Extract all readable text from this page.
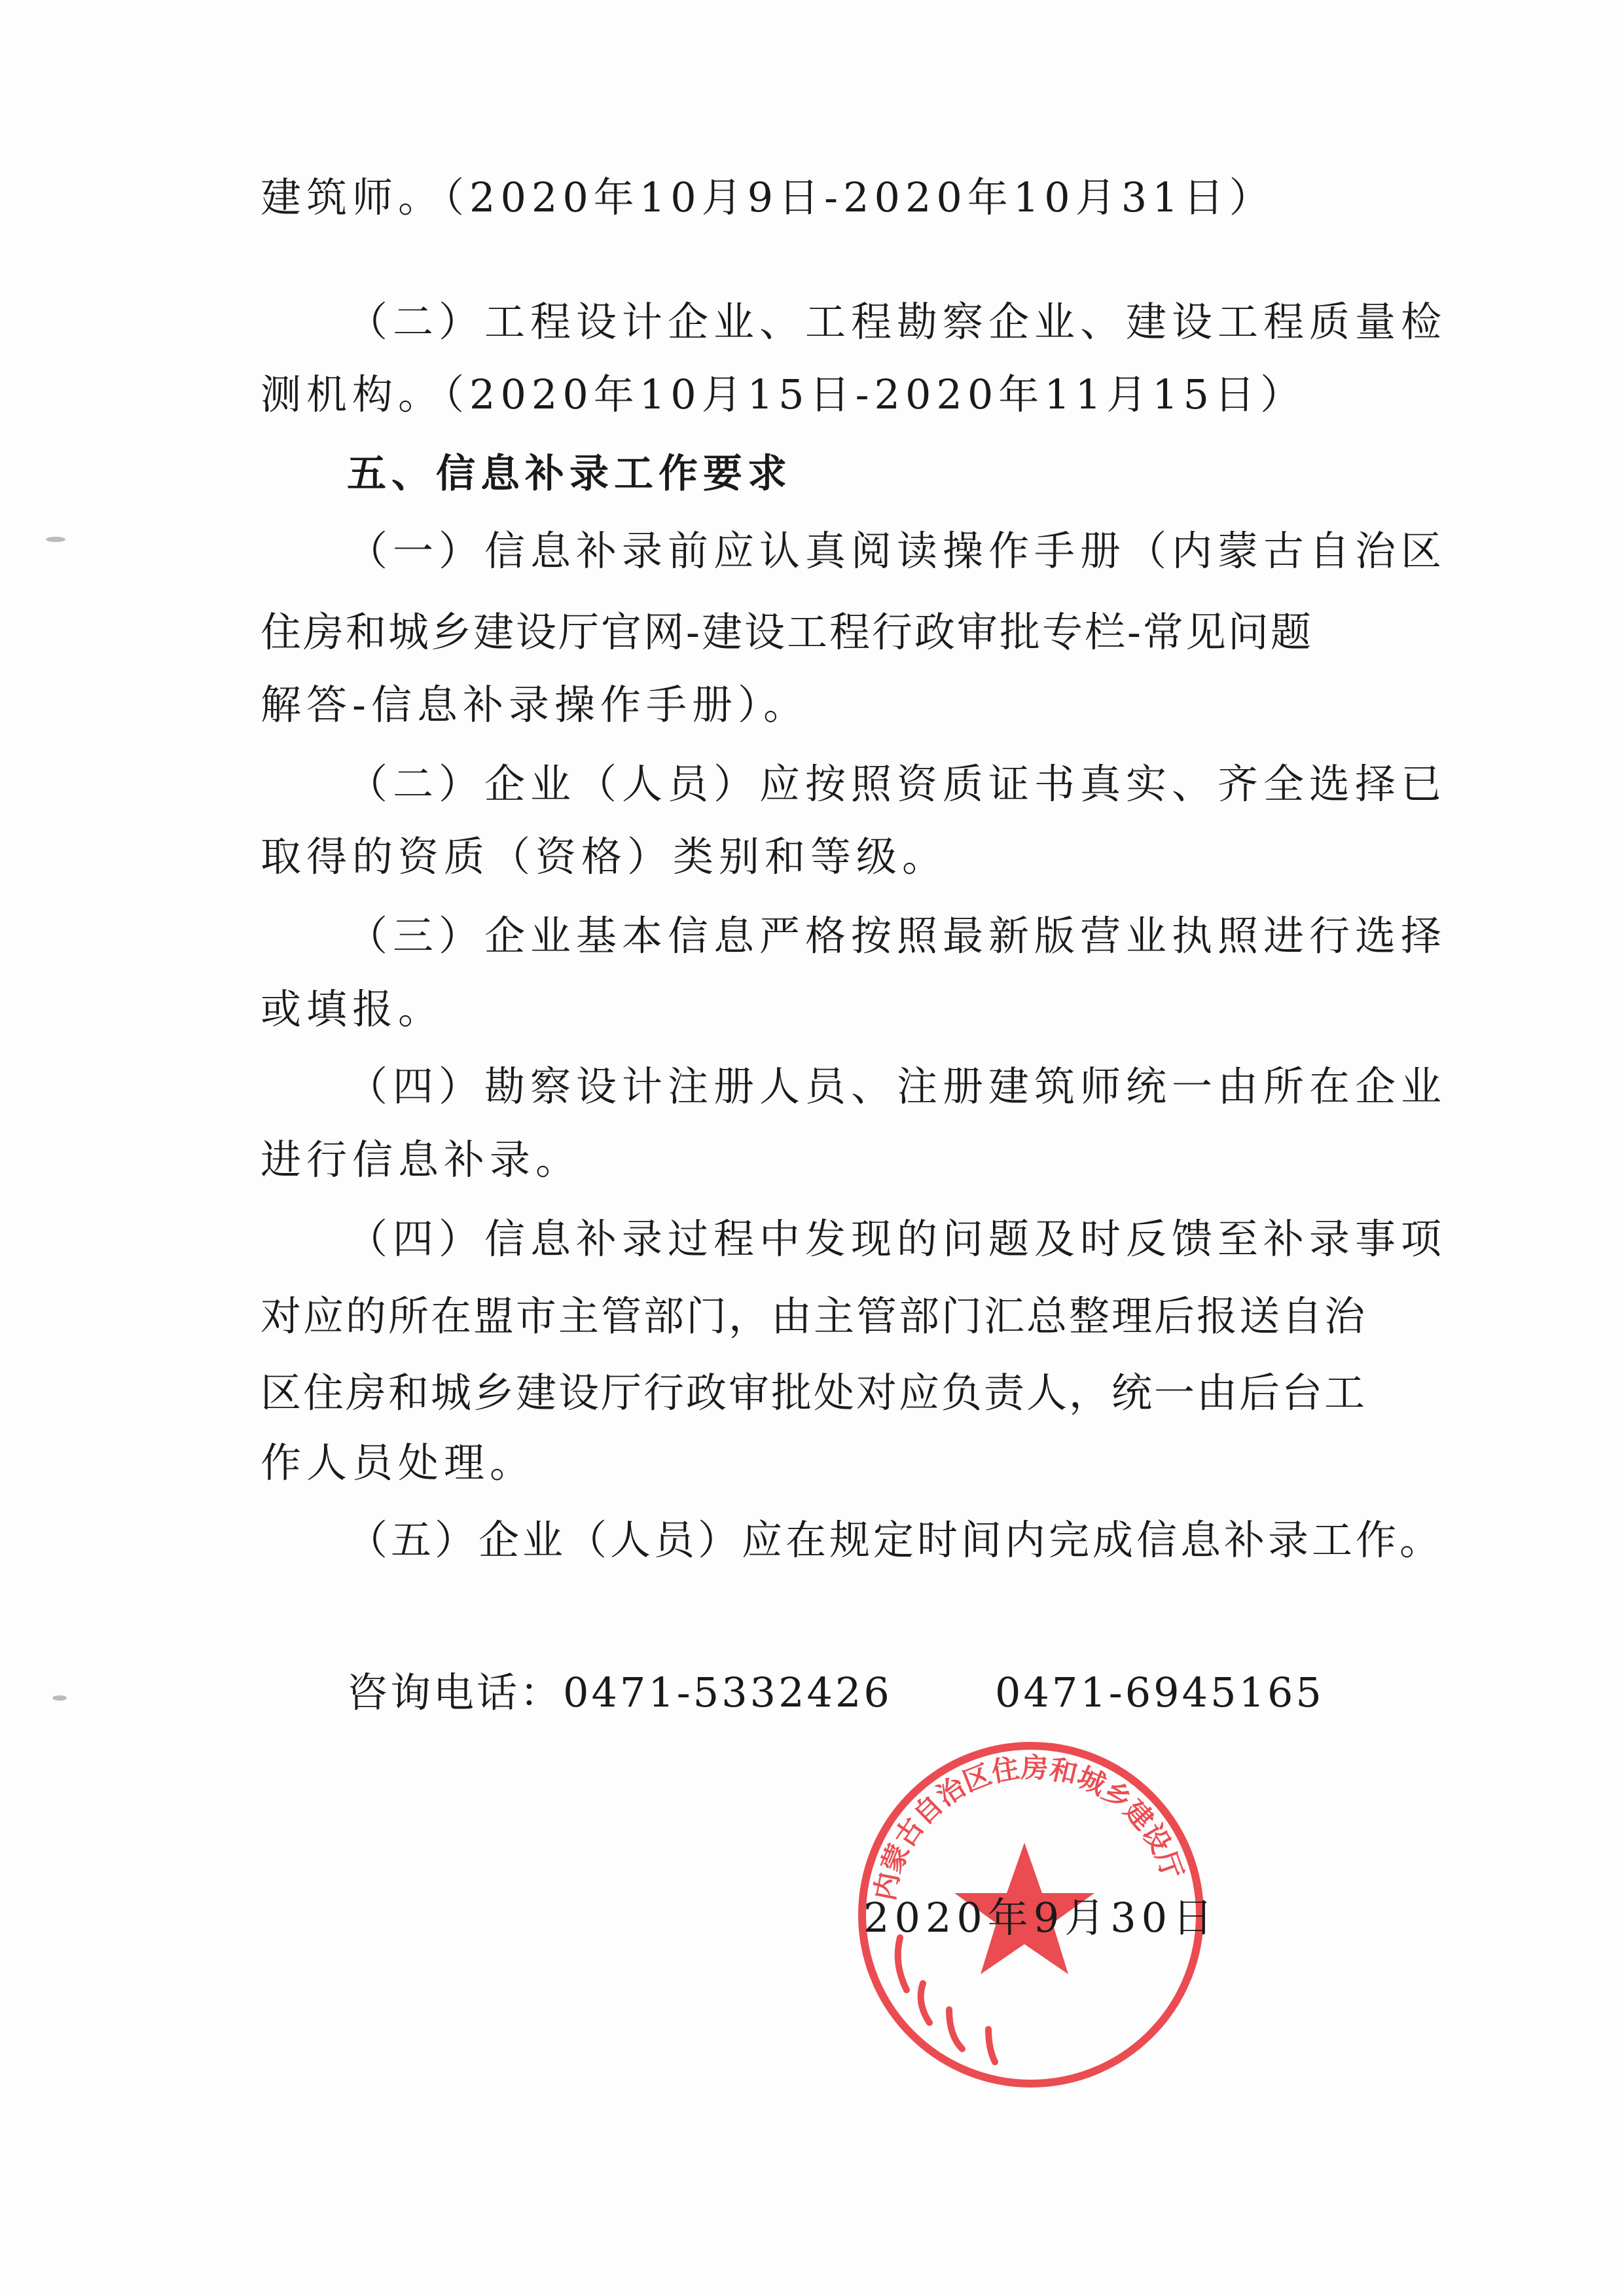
建筑师。（2020年10月9日-2020年10月31日）
（二）工程设计企业、工程勘察企业、建设工程质量检
测机构。（2020年10月15日-2020年11月15日）
五、信息补录工作要求
（一）信息补录前应认真阅读操作手册（内蒙古自治区
住房和城乡建设厅官网-建设工程行政审批专栏-常见问题
解答-信息补录操作手册）。
（二）企业（人员）应按照资质证书真实、齐全选择已
取得的资质（资格）类别和等级。
（三）企业基本信息严格按照最新版营业执照进行选择
或填报。
（四）勘察设计注册人员、注册建筑师统一由所在企业
进行信息补录。
（四）信息补录过程中发现的问题及时反馈至补录事项
对应的所在盟市主管部门，由主管部门汇总整理后报送自治
区住房和城乡建设厅行政审批处对应负责人，统一由后台工
作人员处理。
（五）企业（人员）应在规定时间内完成信息补录工作。
咨询电话：0471-5332426	0471-6945165
内蒙古自治区住房和城乡建设厅
2020年9月30日
